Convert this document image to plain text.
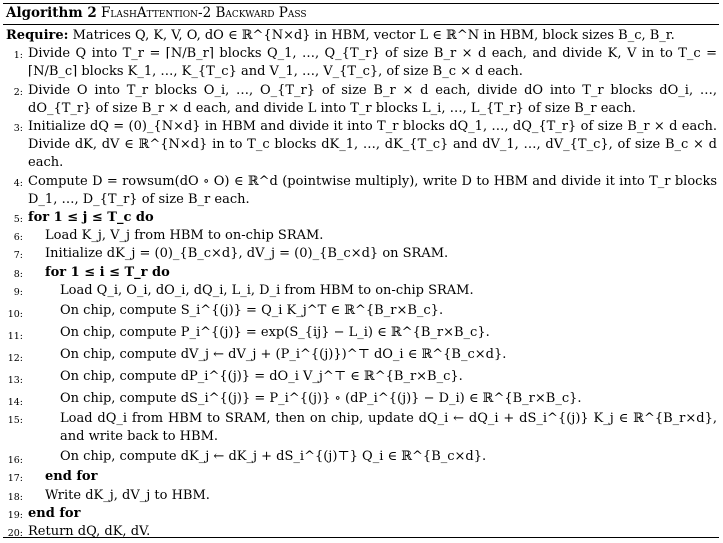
Algorithm 2 FlashAttention-2 Backward Pass
Require: Matrices Q, K, V, O, dO ∈ ℝ^{N×d} in HBM, vector L ∈ ℝ^N in HBM, block sizes B_c, B_r.
1: Divide Q into T_r = ⌈N/B_r⌉ blocks Q_1, …, Q_{T_r} of size B_r × d each, and divide K, V in to T_c = ⌈N/B_c⌉ blocks K_1, …, K_{T_c} and V_1, …, V_{T_c}, of size B_c × d each.
2: Divide O into T_r blocks O_i, …, O_{T_r} of size B_r × d each, divide dO into T_r blocks dO_i, …, dO_{T_r} of size B_r × d each, and divide L into T_r blocks L_i, …, L_{T_r} of size B_r each.
3: Initialize dQ = (0)_{N×d} in HBM and divide it into T_r blocks dQ_1, …, dQ_{T_r} of size B_r × d each. Divide dK, dV ∈ ℝ^{N×d} in to T_c blocks dK_1, …, dK_{T_c} and dV_1, …, dV_{T_c}, of size B_c × d each.
4: Compute D = rowsum(dO ∘ O) ∈ ℝ^d (pointwise multiply), write D to HBM and divide it into T_r blocks D_1, …, D_{T_r} of size B_r each.
5: for 1 ≤ j ≤ T_c do
6:	Load K_j, V_j from HBM to on-chip SRAM.
7:	Initialize dK_j = (0)_{B_c×d}, dV_j = (0)_{B_c×d} on SRAM.
8:	for 1 ≤ i ≤ T_r do
9:	Load Q_i, O_i, dO_i, dQ_i, L_i, D_i from HBM to on-chip SRAM.
10:	On chip, compute S_i^{(j)} = Q_i K_j^T ∈ ℝ^{B_r×B_c}.
11:	On chip, compute P_i^{(j)} = exp(S_{ij} − L_i) ∈ ℝ^{B_r×B_c}.
12:	On chip, compute dV_j ← dV_j + (P_i^{(j)})^⊤ dO_i ∈ ℝ^{B_c×d}.
13:	On chip, compute dP_i^{(j)} = dO_i V_j^⊤ ∈ ℝ^{B_r×B_c}.
14:	On chip, compute dS_i^{(j)} = P_i^{(j)} ∘ (dP_i^{(j)} − D_i) ∈ ℝ^{B_r×B_c}.
15:	Load dQ_i from HBM to SRAM, then on chip, update dQ_i ← dQ_i + dS_i^{(j)} K_j ∈ ℝ^{B_r×d}, and write back to HBM.
16:	On chip, compute dK_j ← dK_j + dS_i^{(j)⊤} Q_i ∈ ℝ^{B_c×d}.
17:	end for
18:	Write dK_j, dV_j to HBM.
19: end for
20: Return dQ, dK, dV.
